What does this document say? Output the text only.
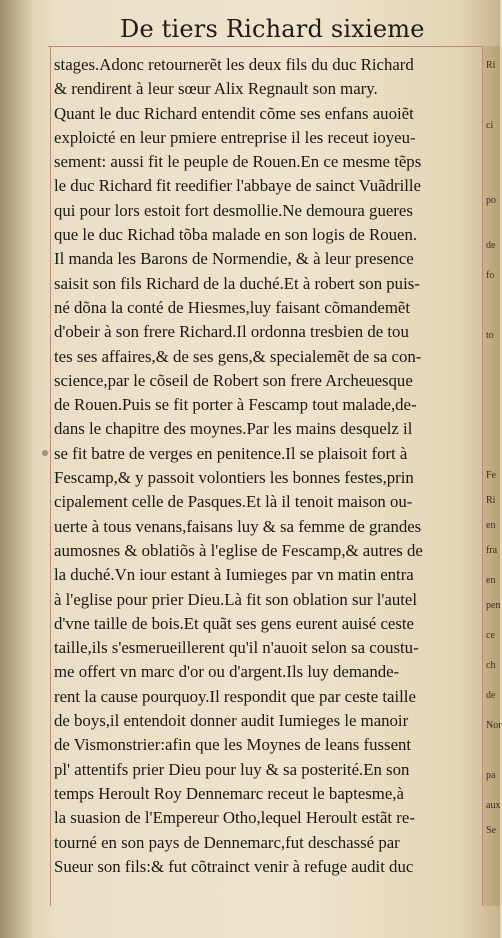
De tiers Richard sixieme
stages.Adonc retournerẽt les deux fils du duc Richard
& rendirent à leur sœur Alix Regnault son mary.
Quant le duc Richard entendit cõme ses enfans auoiẽt
exploicté en leur pmiere entreprise il les receut ioyeu-
sement: aussi fit le peuple de Rouen.En ce mesme tẽps
le duc Richard fit reedifier l'abbaye de sainct Vuãdrille
qui pour lors estoit fort desmollie.Ne demoura gueres
que le duc Richad tõba malade en son logis de Rouen.
Il manda les Barons de Normendie, & à leur presence
saisit son fils Richard de la duché.Et à robert son puis-
né dõna la conté de Hiesmes,luy faisant cõmandemẽt
d'obeir à son frere Richard.Il ordonna tresbien de tou
tes ses affaires,& de ses gens,& specialemẽt de sa con-
science,par le cõseil de Robert son frere Archeuesque
de Rouen.Puis se fit porter à Fescamp tout malade,de-
dans le chapitre des moynes.Par les mains desquelz il
se fit batre de verges en penitence.Il se plaisoit fort à
Fescamp,& y passoit volontiers les bonnes festes,prin
cipalement celle de Pasques.Et là il tenoit maison ou-
uerte à tous venans,faisans luy & sa femme de grandes
aumosnes & oblatiõs à l'eglise de Fescamp,& autres de
la duché.Vn iour estant à Iumieges par vn matin entra
à l'eglise pour prier Dieu.Là fit son oblation sur l'autel
d'vne taille de bois.Et quãt ses gens eurent auisé ceste
taille,ils s'esmerueillerent qu'il n'auoit selon sa coustu-
me offert vn marc d'or ou d'argent.Ils luy demande-
rent la cause pourquoy.Il respondit que par ceste taille
de boys,il entendoit donner audit Iumieges le manoir
de Vismonstrier:afin que les Moynes de leans fussent
pl' attentifs prier Dieu pour luy & sa posterité.En son
temps Heroult Roy Dennemarc receut le baptesme,à
la suasion de l'Empereur Otho,lequel Heroult estãt re-
tourné en son pays de Dennemarc,fut deschassé par
Sueur son fils:& fut cõtrainct venir à refuge audit duc
Ri
ci
po
de
fo
to
Fe
Ri
en
fra
en
pen
ce
ch
de
Nor
pa
aux
Se
